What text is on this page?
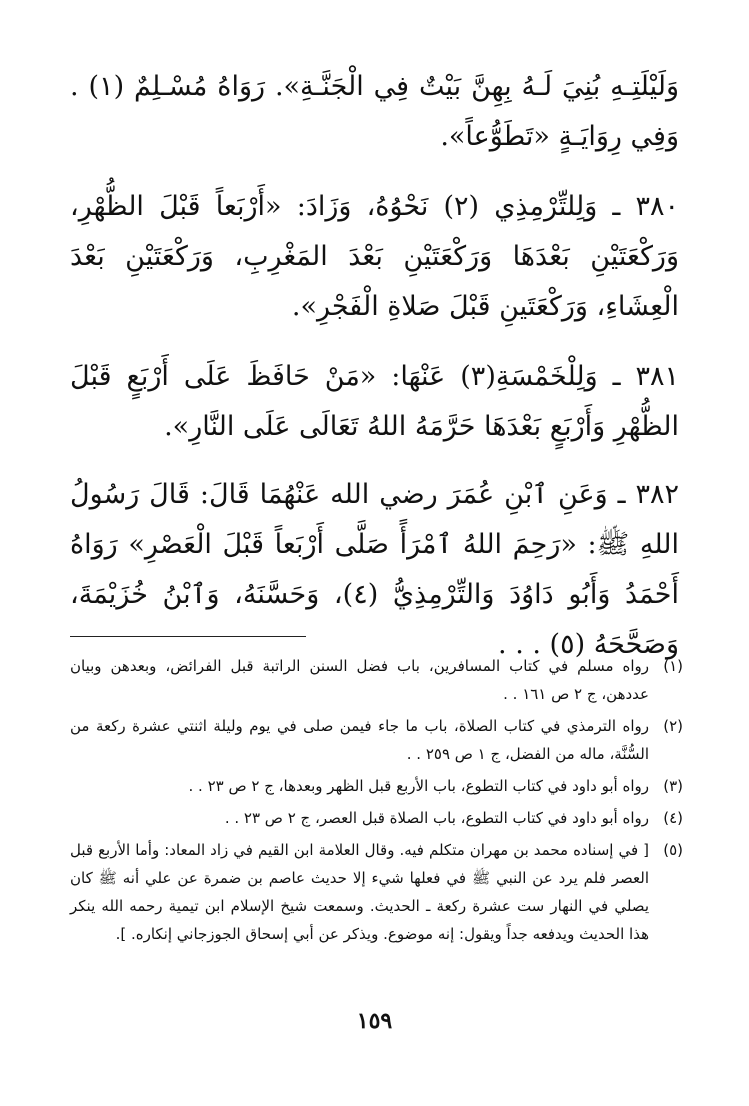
وَلَيْلَتِـهِ بُنِيَ لَـهُ بِهِنَّ بَيْتٌ فِي الْجَنَّـةِ». رَوَاهُ مُسْـلِمٌ (١) . وَفِي رِوَايَـةٍ «تَطَوُّعاً».

٣٨٠ ـ وَلِلتِّرْمِذِي (٢) نَحْوُهُ، وَزَادَ: «أَرْبَعاً قَبْلَ الظُّهْرِ، وَرَكْعَتَيْنِ بَعْدَهَا وَرَكْعَتَيْنِ بَعْدَ المَغْرِبِ، وَرَكْعَتَيْنِ بَعْدَ الْعِشَاءِ، وَرَكْعَتَينِ قَبْلَ صَلاةِ الْفَجْرِ».

٣٨١ ـ وَلِلْخَمْسَةِ(٣) عَنْهَا: «مَنْ حَافَظَ عَلَى أَرْبَعٍ قَبْلَ الظُّهْرِ وَأَرْبَعٍ بَعْدَهَا حَرَّمَهُ اللهُ تَعَالَى عَلَى النَّارِ».

٣٨٢ ـ وَعَنِ ٱبْنِ عُمَرَ رضي الله عَنْهُمَا قَالَ: قَالَ رَسُولُ اللهِ ﷺ: «رَحِمَ اللهُ ٱمْرَأً صَلَّى أَرْبَعاً قَبْلَ الْعَصْرِ» رَوَاهُ أَحْمَدُ وَأَبُو دَاوُدَ وَالتِّرْمِذِيُّ (٤)، وَحَسَّنَهُ، وَٱبْنُ خُزَيْمَةَ، وَصَحَّحَهُ (٥) . . .

(١)
رواه مسلم في كتاب المسافرين، باب فضل السنن الراتبة قبل الفرائض، وبعدهن وبيان عددهن، ج ٢ ص ١٦١ . .
(٢)
رواه الترمذي في كتاب الصلاة، باب ما جاء فيمن صلى في يوم وليلة اثنتي عشرة ركعة من السُّنَّة، ماله من الفضل، ج ١ ص ٢٥٩ . .
(٣)
رواه أبو داود في كتاب التطوع، باب الأربع قبل الظهر وبعدها، ج ٢ ص ٢٣ . .
(٤)
رواه أبو داود في كتاب التطوع، باب الصلاة قبل العصر، ج ٢ ص ٢٣ . .
(٥)
[ في إسناده محمد بن مهران متكلم فيه. وقال العلامة ابن القيم في زاد المعاد: وأما الأربع قبل العصر فلم يرد عن النبي ﷺ في فعلها شيء إلا حديث عاصم بن ضمرة عن علي أنه ﷺ كان يصلي في النهار ست عشرة ركعة ـ الحديث. وسمعت شيخ الإسلام ابن تيمية رحمه الله ينكر هذا الحديث ويدفعه جداً ويقول: إنه موضوع. ويذكر عن أبي إسحاق الجوزجاني إنكاره. ].
١٥٩
